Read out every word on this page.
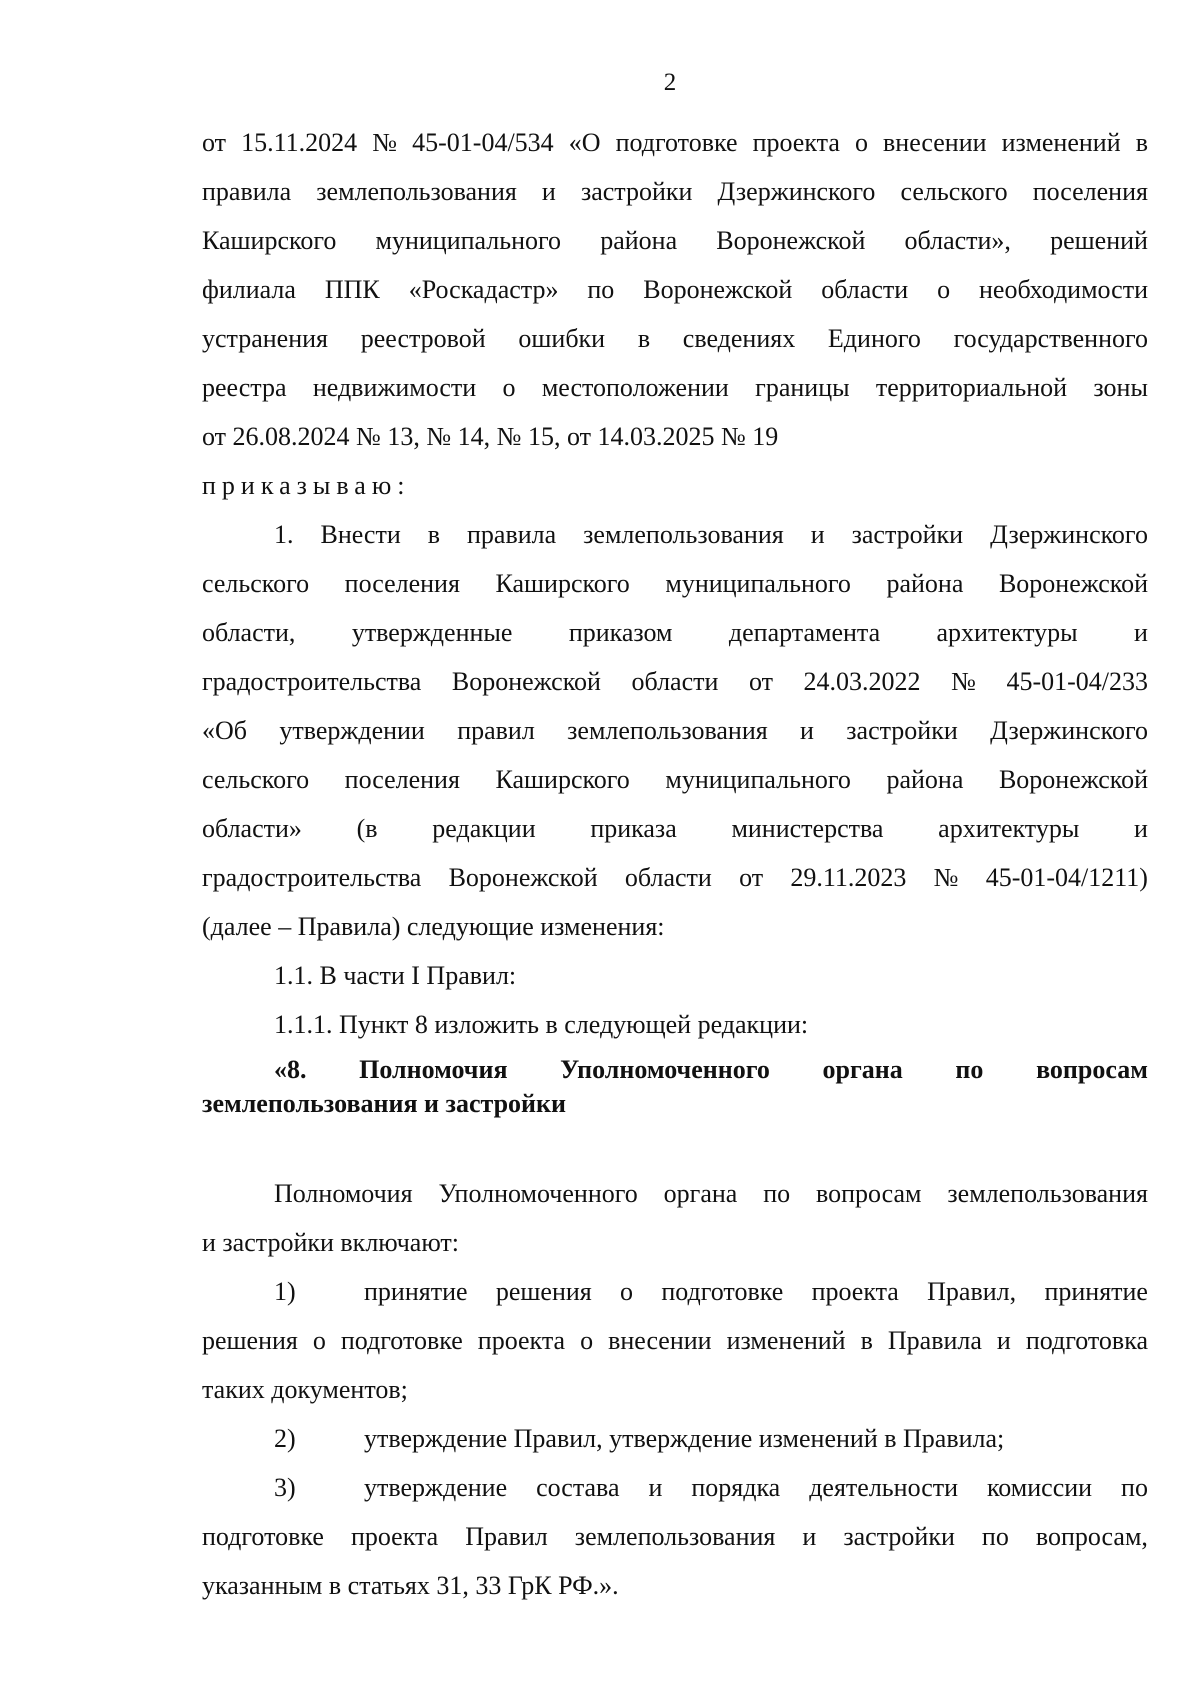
2
от 15.11.2024 № 45-01-04/534 «О подготовке проекта о внесении изменений в
правила землепользования и застройки Дзержинского сельского поселения
Каширского муниципального района Воронежской области», решений
филиала ППК «Роскадастр» по Воронежской области о необходимости
устранения реестровой ошибки в сведениях Единого государственного
реестра недвижимости о местоположении границы территориальной зоны
от 26.08.2024 № 13, № 14, № 15, от 14.03.2025 № 19
приказываю:
1. Внести в правила землепользования и застройки Дзержинского
сельского поселения Каширского муниципального района Воронежской
области, утвержденные приказом департамента архитектуры и
градостроительства Воронежской области от 24.03.2022 № 45-01-04/233
«Об утверждении правил землепользования и застройки Дзержинского
сельского поселения Каширского муниципального района Воронежской
области» (в редакции приказа министерства архитектуры и
градостроительства Воронежской области от 29.11.2023 № 45-01-04/1211)
(далее – Правила) следующие изменения:
1.1. В части I Правил:
1.1.1. Пункт 8 изложить в следующей редакции:
«8. Полномочия Уполномоченного органа по вопросам
землепользования и застройки
Полномочия Уполномоченного органа по вопросам землепользования
и застройки включают:
1)	принятие решения о подготовке проекта Правил, принятие
решения о подготовке проекта о внесении изменений в Правила и подготовка
таких документов;
2)	утверждение Правил, утверждение изменений в Правила;
3)	утверждение состава и порядка деятельности комиссии по
подготовке проекта Правил землепользования и застройки по вопросам,
указанным в статьях 31, 33 ГрК РФ.».
